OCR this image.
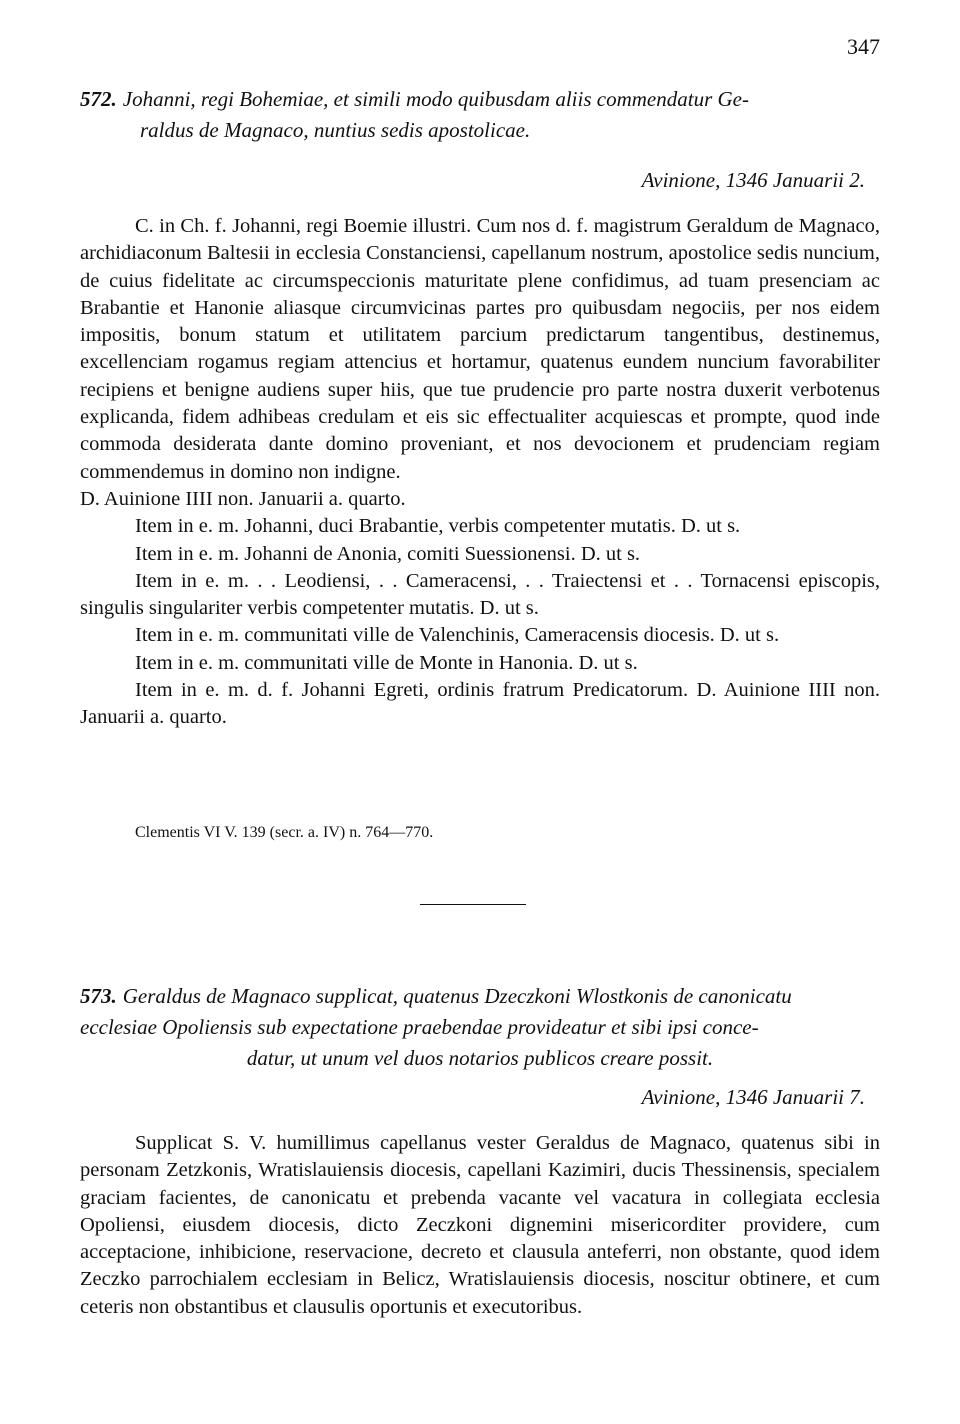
347
572. Johanni, regi Bohemiae, et simili modo quibusdam aliis commendatur Ge-
raldus de Magnaco, nuntius sedis apostolicae.
Avinione, 1346 Januarii 2.

C. in Ch. f. Johanni, regi Boemie illustri. Cum nos d. f. magistrum Geraldum de Magnaco, archidiaconum Baltesii in ecclesia Constanciensi, capellanum nostrum, apostolice sedis nuncium, de cuius fidelitate ac circumspeccionis maturitate plene confidimus, ad tuam presenciam ac Brabantie et Hanonie aliasque circumvicinas partes pro quibusdam negociis, per nos eidem impositis, bonum statum et utilitatem parcium predictarum tangentibus, destinemus, excellenciam rogamus regiam attencius et hortamur, quatenus eundem nuncium favorabiliter recipiens et benigne audiens super hiis, que tue prudencie pro parte nostra duxerit verbotenus explicanda, fidem adhibeas credulam et eis sic effectualiter acquiescas et prompte, quod inde commoda desiderata dante domino proveniant, et nos devocionem et prudenciam regiam commendemus in domino non indigne.

D. Auinione IIII non. Januarii a. quarto.

Item in e. m. Johanni, duci Brabantie, verbis competenter mutatis. D. ut s.

Item in e. m. Johanni de Anonia, comiti Suessionensi. D. ut s.

Item in e. m. . . Leodiensi, . . Cameracensi, . . Traiectensi et . . Tornacensi episcopis, singulis singulariter verbis competenter mutatis. D. ut s.

Item in e. m. communitati ville de Valenchinis, Cameracensis diocesis. D. ut s.

Item in e. m. communitati ville de Monte in Hanonia. D. ut s.

Item in e. m. d. f. Johanni Egreti, ordinis fratrum Predicatorum. D. Auinione IIII non. Januarii a. quarto.

Clementis VI V. 139 (secr. a. IV) n. 764—770.
573. Geraldus de Magnaco supplicat, quatenus Dzeczkoni Wlostkonis de canonicatu
ecclesiae Opoliensis sub expectatione praebendae provideatur et sibi ipsi conce-
datur, ut unum vel duos notarios publicos creare possit.
Avinione, 1346 Januarii 7.

Supplicat S. V. humillimus capellanus vester Geraldus de Magnaco, quatenus sibi in personam Zetzkonis, Wratislauiensis diocesis, capellani Kazimiri, ducis Thessinensis, specialem graciam facientes, de canonicatu et prebenda vacante vel vacatura in collegiata ecclesia Opoliensi, eiusdem diocesis, dicto Zeczkoni dignemini misericorditer providere, cum acceptacione, inhibicione, reservacione, decreto et clausula anteferri, non obstante, quod idem Zeczko parrochialem ecclesiam in Belicz, Wratislauiensis diocesis, noscitur obtinere, et cum ceteris non obstantibus et clausulis oportunis et executoribus.
